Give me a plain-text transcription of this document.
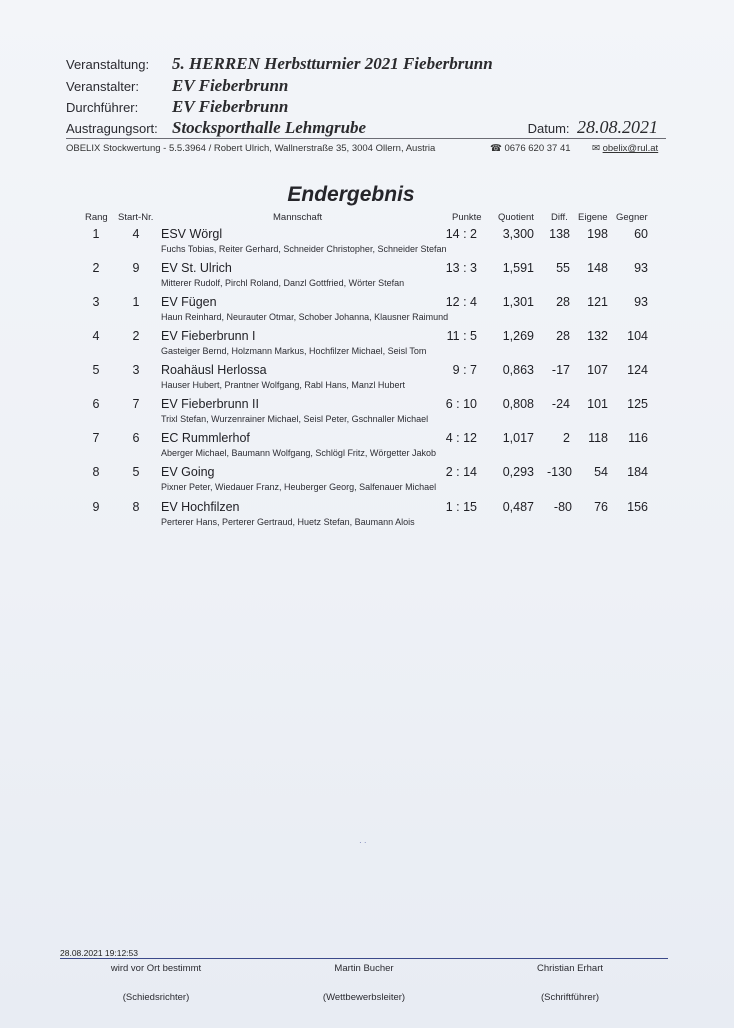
Veranstaltung: 5. HERREN Herbstturnier 2021 Fieberbrunn
Veranstalter: EV Fieberbrunn
Durchführer: EV Fieberbrunn
Austragungsort: Stocksporthalle Lehmgrube	Datum: 28.08.2021
OBELIX Stockwertung - 5.5.3964 / Robert Ulrich, Wallnerstraße 35, 3004 Ollern, Austria	☎ 0676 620 37 41 ✉ obelix@rul.at
Endergebnis
Rang Start-Nr.	Mannschaft	Punkte Quotient Diff. Eigene Gegner
1	4	ESV Wörgl	14 : 2	3,300	138	198	60
Fuchs Tobias, Reiter Gerhard, Schneider Christopher, Schneider Stefan
2	9	EV St. Ulrich	13 : 3	1,591	55	148	93
Mitterer Rudolf, Pirchl Roland, Danzl Gottfried, Wörter Stefan
3	1	EV Fügen	12 : 4	1,301	28	121	93
Haun Reinhard, Neurauter Otmar, Schober Johanna, Klausner Raimund
4	2	EV Fieberbrunn I	11 : 5	1,269	28	132	104
Gasteiger Bernd, Holzmann Markus, Hochfilzer Michael, Seisl Tom
5	3	Roahäusl Herlossa	9 : 7	0,863	-17	107	124
Hauser Hubert, Prantner Wolfgang, Rabl Hans, Manzl Hubert
6	7	EV Fieberbrunn II	6 : 10	0,808	-24	101	125
Trixl Stefan, Wurzenrainer Michael, Seisl Peter, Gschnaller Michael
7	6	EC Rummlerhof	4 : 12	1,017	2	118	116
Aberger Michael, Baumann Wolfgang, Schlögl Fritz, Wörgetter Jakob
8	5	EV Going	2 : 14	0,293	-130	54	184
Pixner Peter, Wiedauer Franz, Heuberger Georg, Salfenauer Michael
9	8	EV Hochfilzen	1 : 15	0,487	-80	76	156
Perterer Hans, Perterer Gertraud, Huetz Stefan, Baumann Alois
· ·
28.08.2021 19:12:53
wird vor Ort bestimmt
(Schiedsrichter)
Martin Bucher
(Wettbewerbsleiter)
Christian Erhart
(Schriftführer)
